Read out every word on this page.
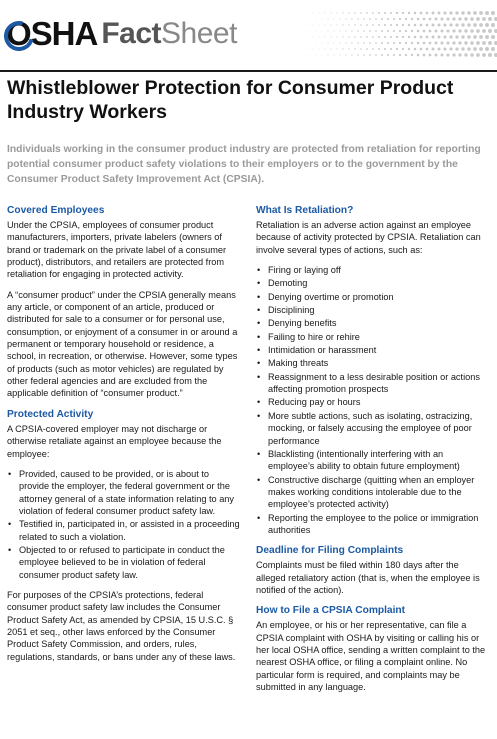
OSHA Fact Sheet
Whistleblower Protection for Consumer Product Industry Workers

Individuals working in the consumer product industry are protected from retaliation for reporting potential consumer product safety violations to their employers or to the government by the Consumer Product Safety Improvement Act (CPSIA).

Covered Employees

Under the CPSIA, employees of consumer product manufacturers, importers, private labelers (owners of brand or trademark on the private label of a consumer product), distributors, and retailers are protected from retaliation for engaging in protected activity.

A “consumer product” under the CPSIA generally means any article, or component of an article, produced or distributed for sale to a consumer or for personal use, consumption, or enjoyment of a consumer in or around a permanent or temporary household or residence, a school, in recreation, or otherwise. However, some types of products (such as motor vehicles) are regulated by other federal agencies and are excluded from the applicable definition of “consumer product.”

Protected Activity

A CPSIA-covered employer may not discharge or otherwise retaliate against an employee because the employee:

• Provided, caused to be provided, or is about to provide the employer, the federal government or the attorney general of a state information relating to any violation of federal consumer product safety law.
• Testified in, participated in, or assisted in a proceeding related to such a violation.
• Objected to or refused to participate in conduct the employee believed to be in violation of federal consumer product safety law.

For purposes of the CPSIA’s protections, federal consumer product safety law includes the Consumer Product Safety Act, as amended by CPSIA, 15 U.S.C. § 2051 et seq., other laws enforced by the Consumer Product Safety Commission, and orders, rules, regulations, standards, or bans under any of these laws.

What Is Retaliation?

Retaliation is an adverse action against an employee because of activity protected by CPSIA. Retaliation can involve several types of actions, such as:

• Firing or laying off
• Demoting
• Denying overtime or promotion
• Disciplining
• Denying benefits
• Failing to hire or rehire
• Intimidation or harassment
• Making threats
• Reassignment to a less desirable position or actions affecting promotion prospects
• Reducing pay or hours
• More subtle actions, such as isolating, ostracizing, mocking, or falsely accusing the employee of poor performance
• Blacklisting (intentionally interfering with an employee’s ability to obtain future employment)
• Constructive discharge (quitting when an employer makes working conditions intolerable due to the employee’s protected activity)
• Reporting the employee to the police or immigration authorities
Deadline for Filing Complaints

Complaints must be filed within 180 days after the alleged retaliatory action (that is, when the employee is notified of the action).

How to File a CPSIA Complaint

An employee, or his or her representative, can file a CPSIA complaint with OSHA by visiting or calling his or her local OSHA office, sending a written complaint to the nearest OSHA office, or filing a complaint online. No particular form is required, and complaints may be submitted in any language.
